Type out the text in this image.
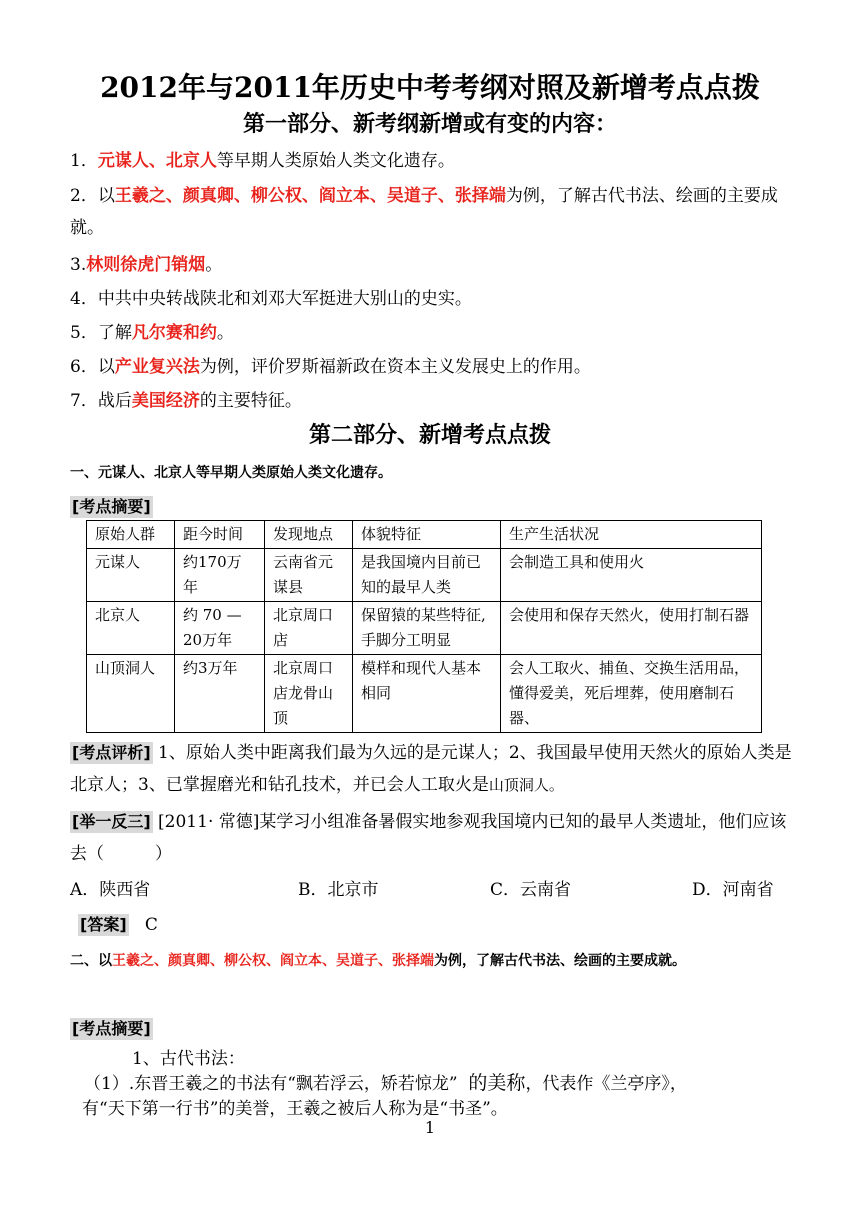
2012年与2011年历史中考考纲对照及新增考点点拨
第一部分、新考纲新增或有变的内容：
1．元谋人、北京人等早期人类原始人类文化遗存。
2．以王羲之、颜真卿、柳公权、阎立本、吴道子、张择端为例，了解古代书法、绘画的主要成就。
3.林则徐虎门销烟。
4．中共中央转战陕北和刘邓大军挺进大别山的史实。
5．了解凡尔赛和约。
6．以产业复兴法为例，评价罗斯福新政在资本主义发展史上的作用。
7．战后美国经济的主要特征。
第二部分、新增考点点拨
一、元谋人、北京人等早期人类原始人类文化遗存。
[考点摘要]
原始人群	距今时间	发现地点	体貌特征	生产生活状况
元谋人	约170万年	云南省元谋县	是我国境内目前已知的最早人类	会制造工具和使用火
北京人	约 70 —20万年	北京周口店	保留猿的某些特征,手脚分工明显	会使用和保存天然火，使用打制石器
山顶洞人	约3万年	北京周口店龙骨山顶	模样和现代人基本相同	会人工取火、捕鱼、交换生活用品，懂得爱美，死后埋葬，使用磨制石器、
[考点评析] 1、原始人类中距离我们最为久远的是元谋人；2、我国最早使用天然火的原始人类是北京人；3、已掌握磨光和钻孔技术，并已会人工取火是山顶洞人。
[举一反三] [2011· 常德]某学习小组准备暑假实地参观我国境内已知的最早人类遗址，他们应该去（　　　）
A．陕西省	B．北京市	C．云南省	D．河南省
[答案] C
二、以王羲之、颜真卿、柳公权、阎立本、吴道子、张择端为例，了解古代书法、绘画的主要成就。
[考点摘要]
1、古代书法：
（1）.东晋王羲之的书法有“飘若浮云，矫若惊龙” 的美称，代表作《兰亭序》，
有“天下第一行书”的美誉，王羲之被后人称为是“书圣”。
1
